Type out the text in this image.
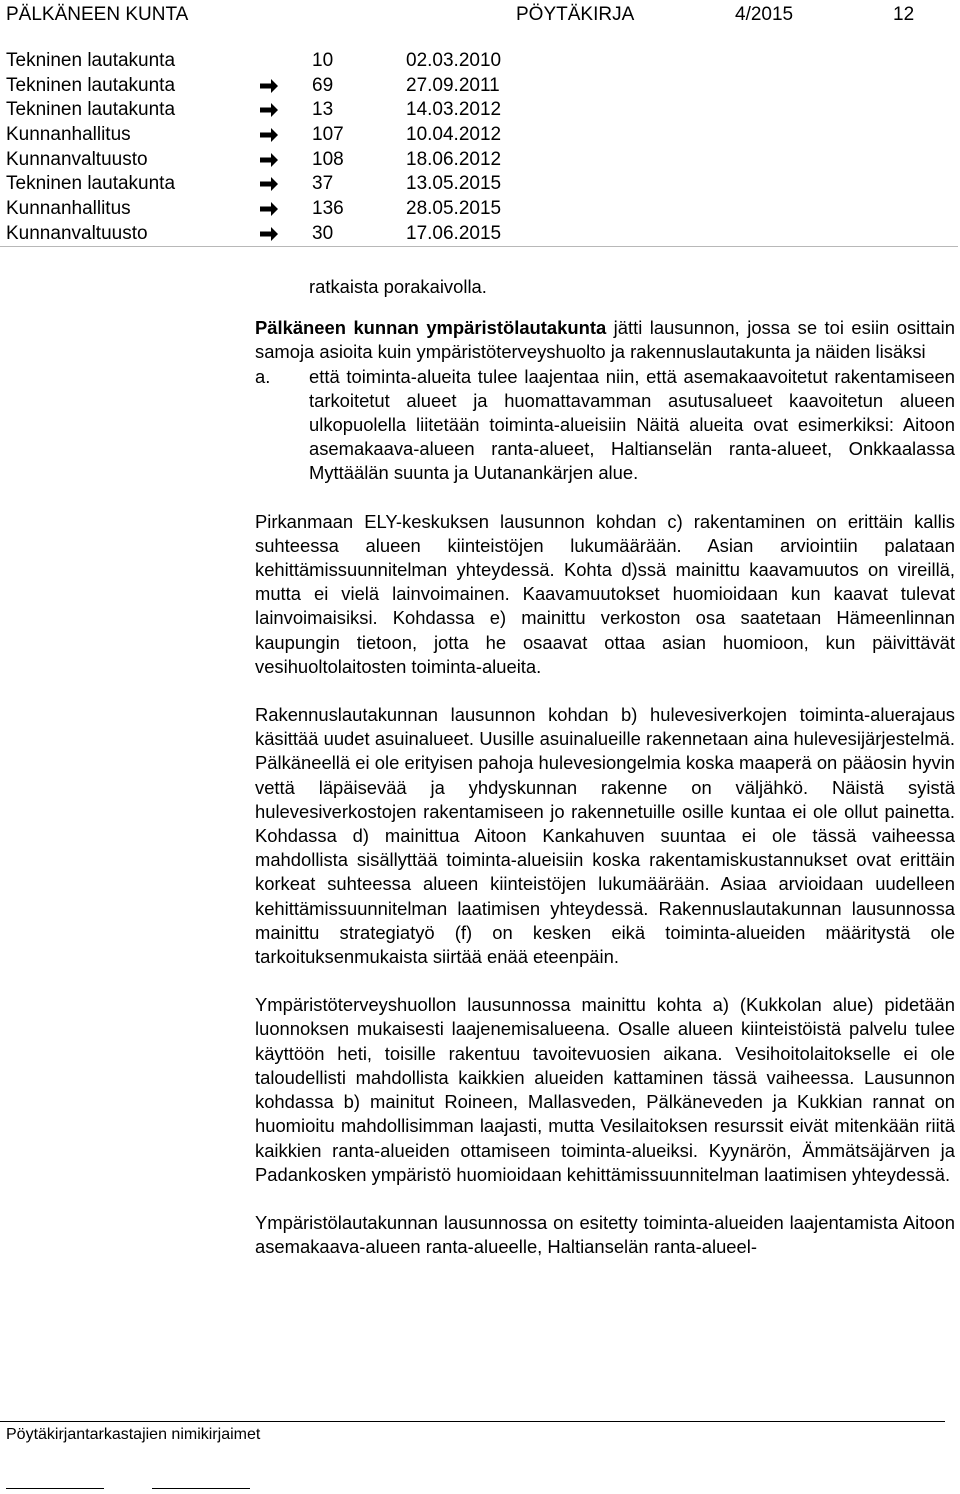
PÄLKÄNEEN KUNTA	PÖYTÄKIRJA	4/2015	12
Tekninen lautakunta	10	02.03.2010
Tekninen lautakunta	69	27.09.2011
Tekninen lautakunta	13	14.03.2012
Kunnanhallitus	107	10.04.2012
Kunnanvaltuusto	108	18.06.2012
Tekninen lautakunta	37	13.05.2015
Kunnanhallitus	136	28.05.2015
Kunnanvaltuusto	30	17.06.2015

ratkaista porakaivolla.

Pälkäneen kunnan ympäristölautakunta jätti lausunnon, jossa se toi esiin osittain samoja asioita kuin ympäristöterveyshuolto ja rakennuslautakunta ja näiden lisäksi

a.	että toiminta-alueita tulee laajentaa niin, että asemakaavoitetut rakentamiseen tarkoitetut alueet ja huomattavamman asutusalueet kaavoitetun alueen ulkopuolella liitetään toiminta-alueisiin Näitä alueita ovat esimerkiksi: Aitoon asemakaava-alueen ranta-alueet, Haltianselän ranta-alueet, Onkkaalassa Myttäälän suunta ja Uutanankärjen alue.

Pirkanmaan ELY-keskuksen lausunnon kohdan c) rakentaminen on erittäin kallis suhteessa alueen kiinteistöjen lukumäärään. Asian arviointiin palataan kehittämissuunnitelman yhteydessä. Kohta d)ssä mainittu kaavamuutos on vireillä, mutta ei vielä lainvoimainen. Kaavamuutokset huomioidaan kun kaavat tulevat lainvoimaisiksi. Kohdassa e) mainittu verkoston osa saatetaan Hämeenlinnan kaupungin tietoon, jotta he osaavat ottaa asian huomioon, kun päivittävät vesihuoltolaitosten toiminta-alueita.

Rakennuslautakunnan lausunnon kohdan b) hulevesiverkojen toiminta-aluerajaus käsittää uudet asuinalueet. Uusille asuinalueille rakennetaan aina hulevesijärjestelmä. Pälkäneellä ei ole erityisen pahoja hulevesiongelmia koska maaperä on pääosin hyvin vettä läpäisevää ja yhdyskunnan rakenne on väljähkö. Näistä syistä hulevesiverkostojen rakentamiseen jo rakennetuille osille kuntaa ei ole ollut painetta. Kohdassa d) mainittua Aitoon Kankahuven suuntaa ei ole tässä vaiheessa mahdollista sisällyttää toiminta-alueisiin koska rakentamiskustannukset ovat erittäin korkeat suhteessa alueen kiinteistöjen lukumäärään. Asiaa arvioidaan uudelleen kehittämissuunnitelman laatimisen yhteydessä. Rakennuslautakunnan lausunnossa mainittu strategiatyö (f) on kesken eikä toiminta-alueiden määritystä ole tarkoituksenmukaista siirtää enää eteenpäin.

Ympäristöterveyshuollon lausunnossa mainittu kohta a) (Kukkolan alue) pidetään luonnoksen mukaisesti laajenemisalueena. Osalle alueen kiinteistöistä palvelu tulee käyttöön heti, toisille rakentuu tavoitevuosien aikana. Vesihoitolaitokselle ei ole taloudellisti mahdollista kaikkien alueiden kattaminen tässä vaiheessa. Lausunnon kohdassa b) mainitut Roineen, Mallasveden, Pälkäneveden ja Kukkian rannat on huomioitu mahdollisimman laajasti, mutta Vesilaitoksen resurssit eivät mitenkään riitä kaikkien ranta-alueiden ottamiseen toiminta-alueiksi. Kyynärön, Ämmätsäjärven ja Padankosken ympäristö huomioidaan kehittämissuunnitelman laatimisen yhteydessä.

Ympäristölautakunnan lausunnossa on esitetty toiminta-alueiden laajentamista Aitoon asemakaava-alueen ranta-alueelle, Haltianselän ranta-alueel-

Pöytäkirjantarkastajien nimikirjaimet
